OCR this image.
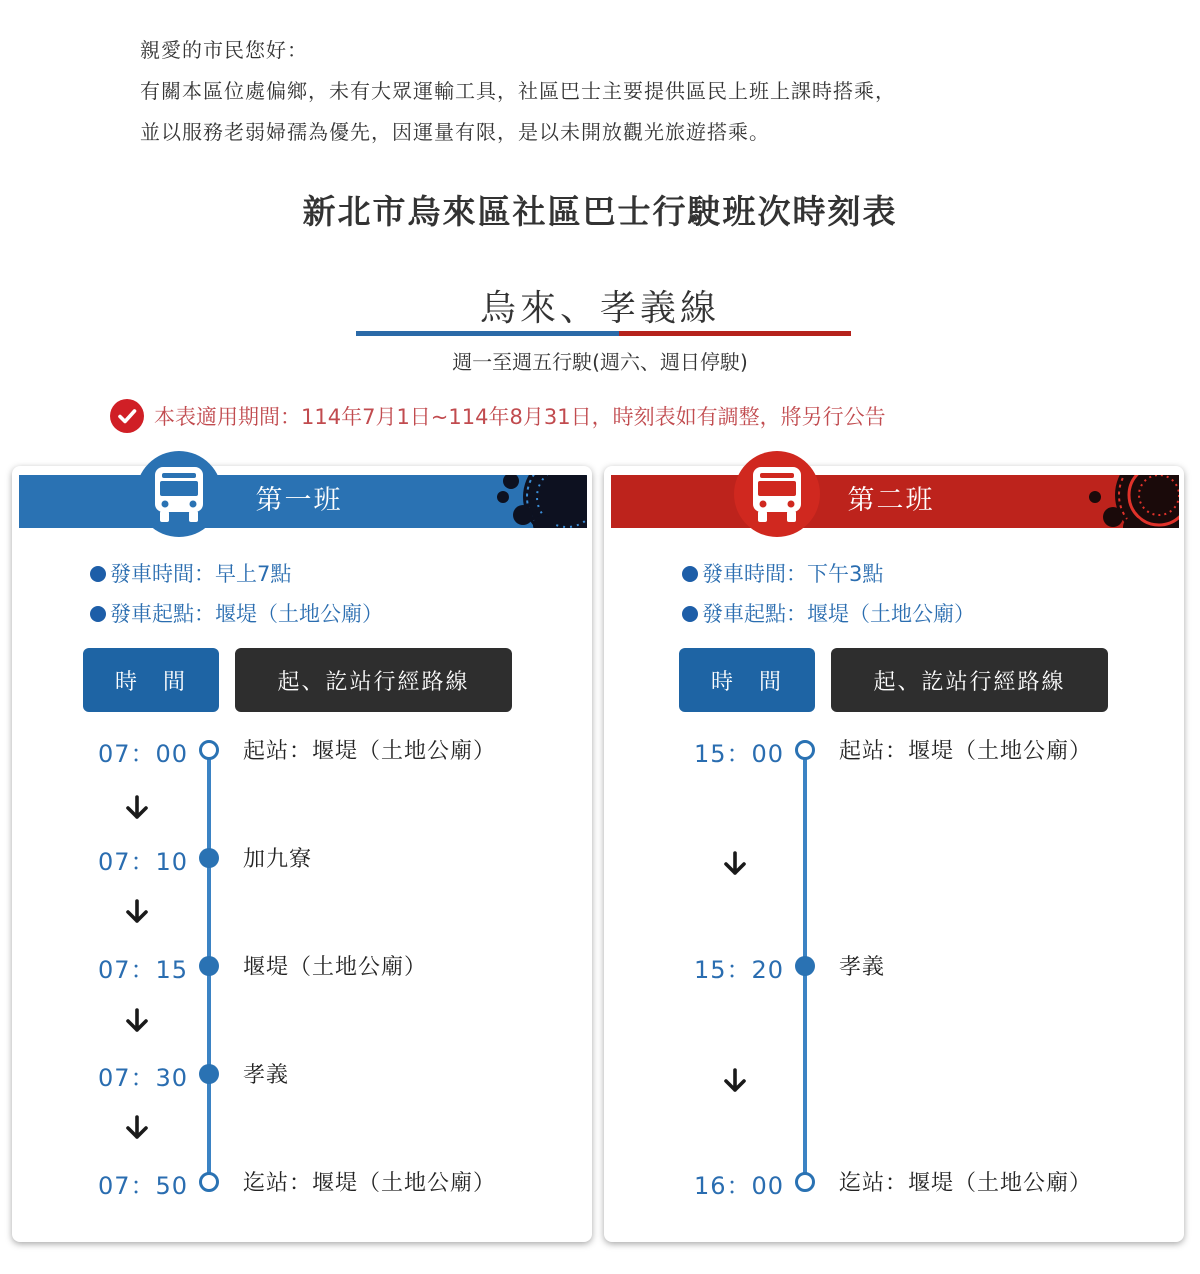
親愛的市民您好：
有關本區位處偏鄉，未有大眾運輸工具，社區巴士主要提供區民上班上課時搭乘，
並以服務老弱婦孺為優先，因運量有限，是以未開放觀光旅遊搭乘。
新北市烏來區社區巴士行駛班次時刻表
烏來、孝義線
週一至週五行駛(週六、週日停駛)
本表適用期間：114年7月1日~114年8月31日，時刻表如有調整，將另行公告
第一班
發車時間：早上7點
發車起點：堰堤（土地公廟）
時　間	起、訖站行經路線
07：00 起站：堰堤（土地公廟）
07：10 加九寮
07：15 堰堤（土地公廟）
07：30 孝義
07：50 迄站：堰堤（土地公廟）
第二班
發車時間：下午3點
發車起點：堰堤（土地公廟）
時　間	起、訖站行經路線
15：00 起站：堰堤（土地公廟）
15：20 孝義
16：00 迄站：堰堤（土地公廟）
